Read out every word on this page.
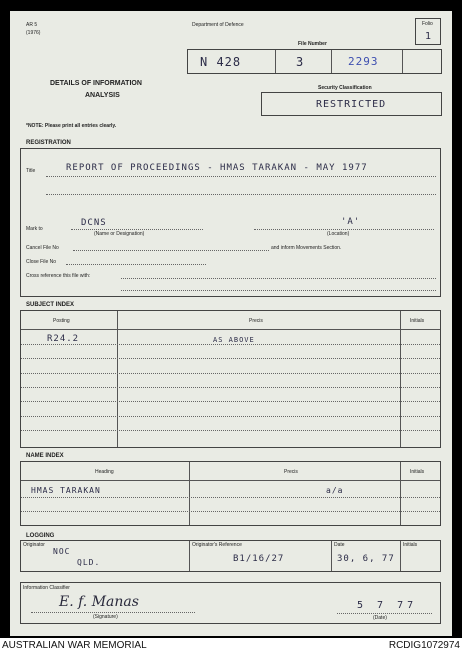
AR 5
(1976)
Department of Defence	Folio
1
File Number
N 428	3	2293
DETAILS OF INFORMATION
ANALYSIS
Security Classification
RESTRICTED
*NOTE: Please print all entries clearly.
REGISTRATION
Title	REPORT OF PROCEEDINGS - HMAS TARAKAN - MAY 1977
Mark to
DCNS
(Name or Designation)
'A'
(Location)
Cancel File No	and inform Movements Section.
Close File No
Cross reference this file with:
SUBJECT INDEX
Posting	Precis	Initials
R24.2	AS ABOVE
NAME INDEX
Heading	Precis	Initials
HMAS TARAKAN	a/a
LOGGING
Originator
NOC
QLD.
Originator's Reference
B1/16/27
Date
30, 6, 77
Initials
Information Classifier
E. f. Manas
(Signature)
5 7 77
(Date)
AUSTRALIAN WAR MEMORIAL	RCDIG1072974
